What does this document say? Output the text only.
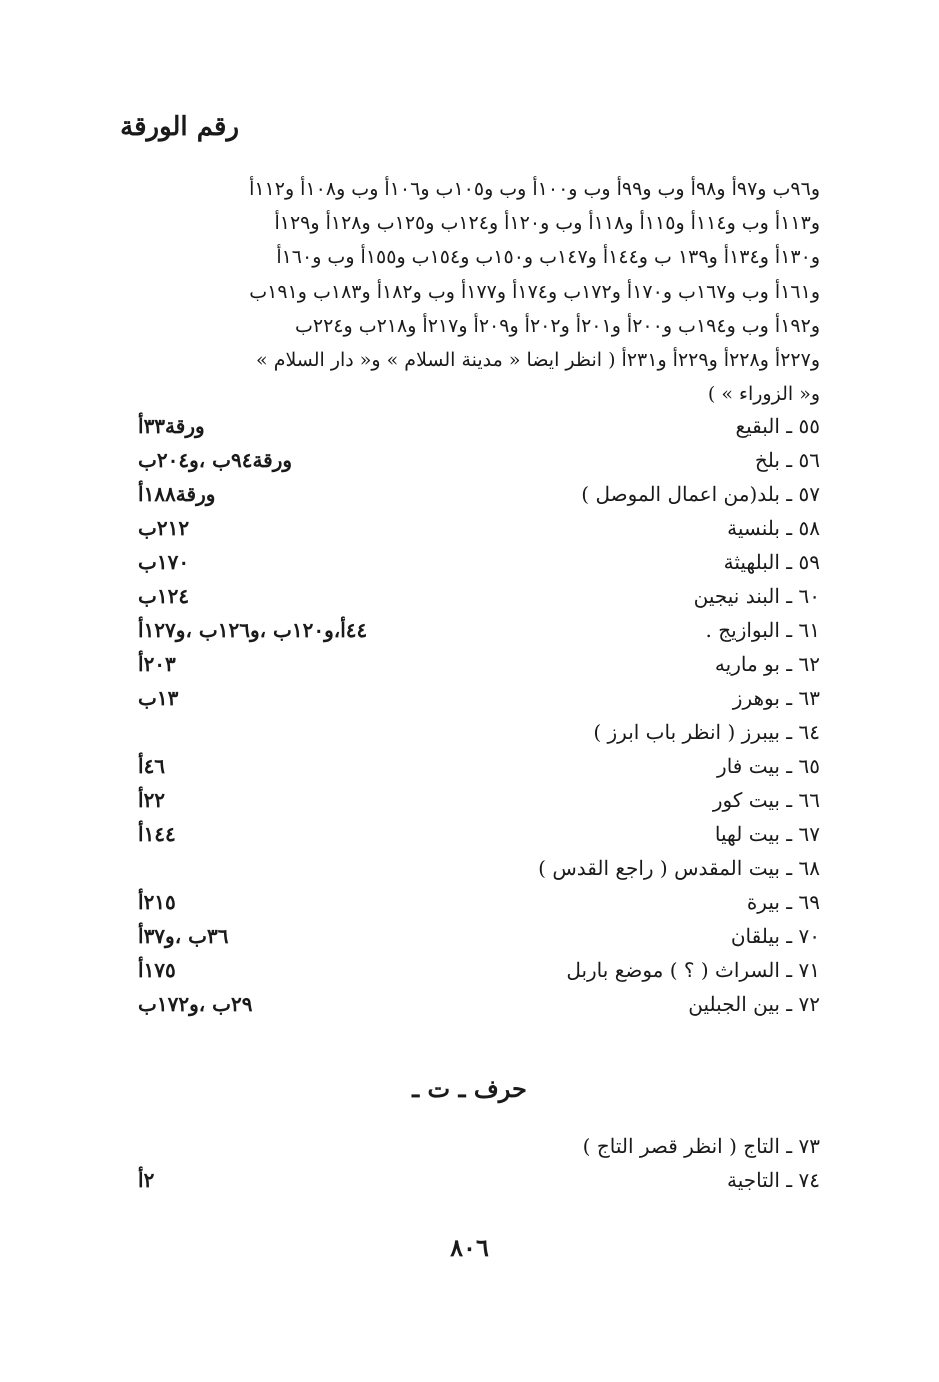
رقم الورقة
و٩٦ب و٩٧أ و٩٨أ وب و٩٩أ وب و١٠٠أ وب و١٠٥ب و١٠٦أ وب و١٠٨أ و١١٢أ
و١١٣أ وب و١١٤أ و١١٥أ و١١٨أ وب و١٢٠أ و١٢٤ب و١٢٥ب و١٢٨أ و١٢٩أ
و١٣٠أ و١٣٤أ و١٣٩ ب و١٤٤أ و١٤٧ب و١٥٠ب و١٥٤ب و١٥٥أ وب و١٦٠أ
و١٦١أ وب و١٦٧ب و١٧٠أ و١٧٢ب و١٧٤أ و١٧٧أ وب و١٨٢أ و١٨٣ب و١٩١ب
و١٩٢أ وب و١٩٤ب و٢٠٠أ و٢٠١أ و٢٠٢أ و٢٠٩أ و٢١٧أ و٢١٨ب و٢٢٤ب
و٢٢٧أ و٢٢٨أ و٢٢٩أ و٢٣١أ ( انظر ايضا « مدينة السلام » و« دار السلام »
و« الزوراء » )
٥٥ ـ البقيع
ورقة٣٣أ
٥٦ ـ بلخ
ورقة٩٤ب ،و٢٠٤ب
٥٧ ـ بلد(من اعمال الموصل )
ورقة١٨٨أ
٥٨ ـ بلنسية
٢١٢ب
٥٩ ـ البلهيثة
١٧٠ب
٦٠ ـ البند نيجين
١٢٤ب
٦١ ـ البوازيج .
٤٤أ،و١٢٠ب ،و١٢٦ب ،و١٢٧أ
٦٢ ـ بو ماريه
٢٠٣أ
٦٣ ـ بوهرز
١٣ب
٦٤ ـ بيبرز ( انظر باب ابرز )
٦٥ ـ بيت فار
٤٦أ
٦٦ ـ بيت كور
٢٢أ
٦٧ ـ بيت لهيا
١٤٤أ
٦٨ ـ بيت المقدس ( راجع القدس )
٦٩ ـ بيرة
٢١٥أ
٧٠ ـ بيلقان
٣٦ب ،و٣٧أ
٧١ ـ السراث ( ؟ ) موضع باربل
١٧٥أ
٧٢ ـ بين الجبلين
٢٩ب ،و١٧٢ب
حرف ـ ت ـ
٧٣ ـ التاج ( انظر قصر التاج )
٧٤ ـ التاجية
٢أ
٨٠٦
